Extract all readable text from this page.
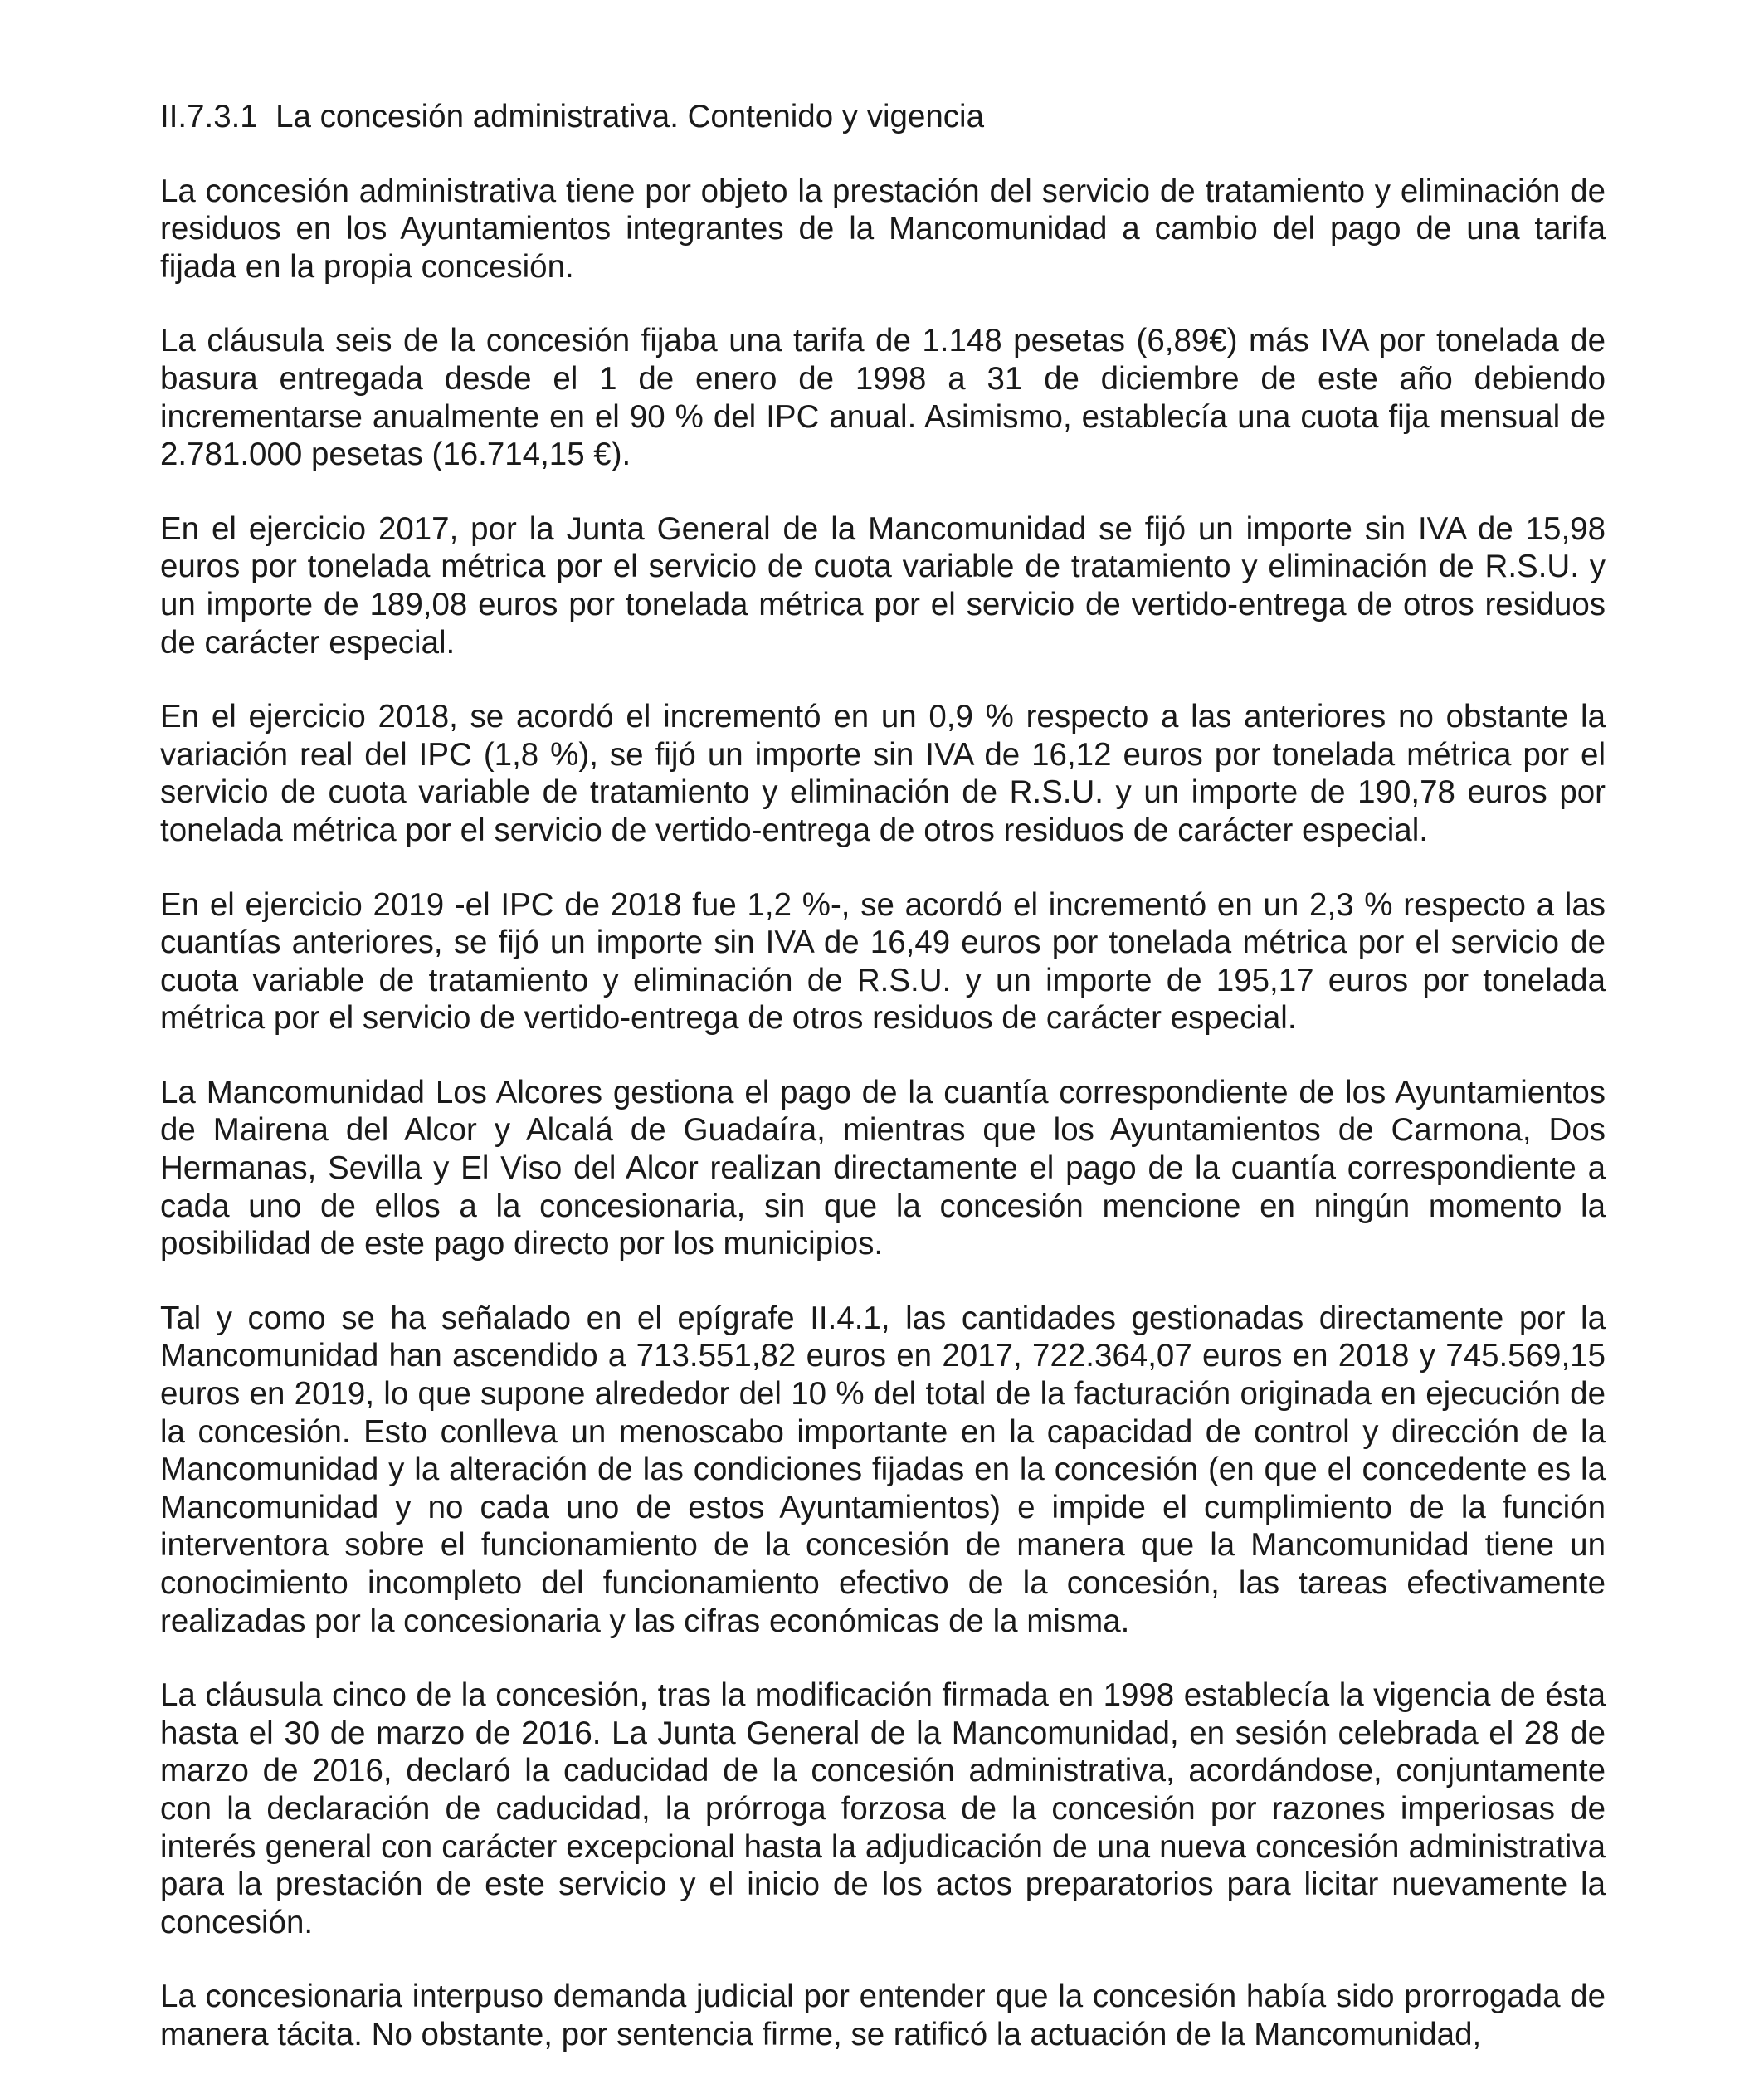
II.7.3.1  La concesión administrativa. Contenido y vigencia

La concesión administrativa tiene por objeto la prestación del servicio de tratamiento y eliminación de residuos en los Ayuntamientos integrantes de la Mancomunidad a cambio del pago de una tarifa fijada en la propia concesión.

La cláusula seis de la concesión fijaba una tarifa de 1.148 pesetas (6,89€) más IVA por tonelada de basura entregada desde el 1 de enero de 1998 a 31 de diciembre de este año debiendo incrementarse anualmente en el 90 % del IPC anual. Asimismo, establecía una cuota fija mensual de 2.781.000 pesetas (16.714,15 €).

En el ejercicio 2017, por la Junta General de la Mancomunidad se fijó un importe sin IVA de 15,98 euros por tonelada métrica por el servicio de cuota variable de tratamiento y eliminación de R.S.U. y un importe de 189,08 euros por tonelada métrica por el servicio de vertido-entrega de otros residuos de carácter especial.

En el ejercicio 2018, se acordó el incrementó en un 0,9 % respecto a las anteriores no obstante la variación real del IPC (1,8 %), se fijó un importe sin IVA de 16,12 euros por tonelada métrica por el servicio de cuota variable de tratamiento y eliminación de R.S.U. y un importe de 190,78 euros por tonelada métrica por el servicio de vertido-entrega de otros residuos de carácter especial.

En el ejercicio 2019 -el IPC de 2018 fue 1,2 %-, se acordó el incrementó en un 2,3 % respecto a las cuantías anteriores, se fijó un importe sin IVA de 16,49 euros por tonelada métrica por el servicio de cuota variable de tratamiento y eliminación de R.S.U. y un importe de 195,17 euros por tonelada métrica por el servicio de vertido-entrega de otros residuos de carácter especial.

La Mancomunidad Los Alcores gestiona el pago de la cuantía correspondiente de los Ayuntamientos de Mairena del Alcor y Alcalá de Guadaíra, mientras que los Ayuntamientos de Carmona, Dos Hermanas, Sevilla y El Viso del Alcor realizan directamente el pago de la cuantía correspondiente a cada uno de ellos a la concesionaria, sin que la concesión mencione en ningún momento la posibilidad de este pago directo por los municipios.

Tal y como se ha señalado en el epígrafe II.4.1, las cantidades gestionadas directamente por la Mancomunidad han ascendido a 713.551,82 euros en 2017, 722.364,07 euros en 2018 y 745.569,15 euros en 2019, lo que supone alrededor del 10 % del total de la facturación originada en ejecución de la concesión. Esto conlleva un menoscabo importante en la capacidad de control y dirección de la Mancomunidad y la alteración de las condiciones fijadas en la concesión (en que el concedente es la Mancomunidad y no cada uno de estos Ayuntamientos) e impide el cumplimiento de la función interventora sobre el funcionamiento de la concesión de manera que la Mancomunidad tiene un conocimiento incompleto del funcionamiento efectivo de la concesión, las tareas efectivamente realizadas por la concesionaria y las cifras económicas de la misma.

La cláusula cinco de la concesión, tras la modificación firmada en 1998 establecía la vigencia de ésta hasta el 30 de marzo de 2016. La Junta General de la Mancomunidad, en sesión celebrada el 28 de marzo de 2016, declaró la caducidad de la concesión administrativa, acordándose, conjuntamente con la declaración de caducidad, la prórroga forzosa de la concesión por razones imperiosas de interés general con carácter excepcional hasta la adjudicación de una nueva concesión administrativa para la prestación de este servicio y el inicio de los actos preparatorios para licitar nuevamente la concesión.

La concesionaria interpuso demanda judicial por entender que la concesión había sido prorrogada de manera tácita. No obstante, por sentencia firme, se ratificó la actuación de la Mancomunidad,
